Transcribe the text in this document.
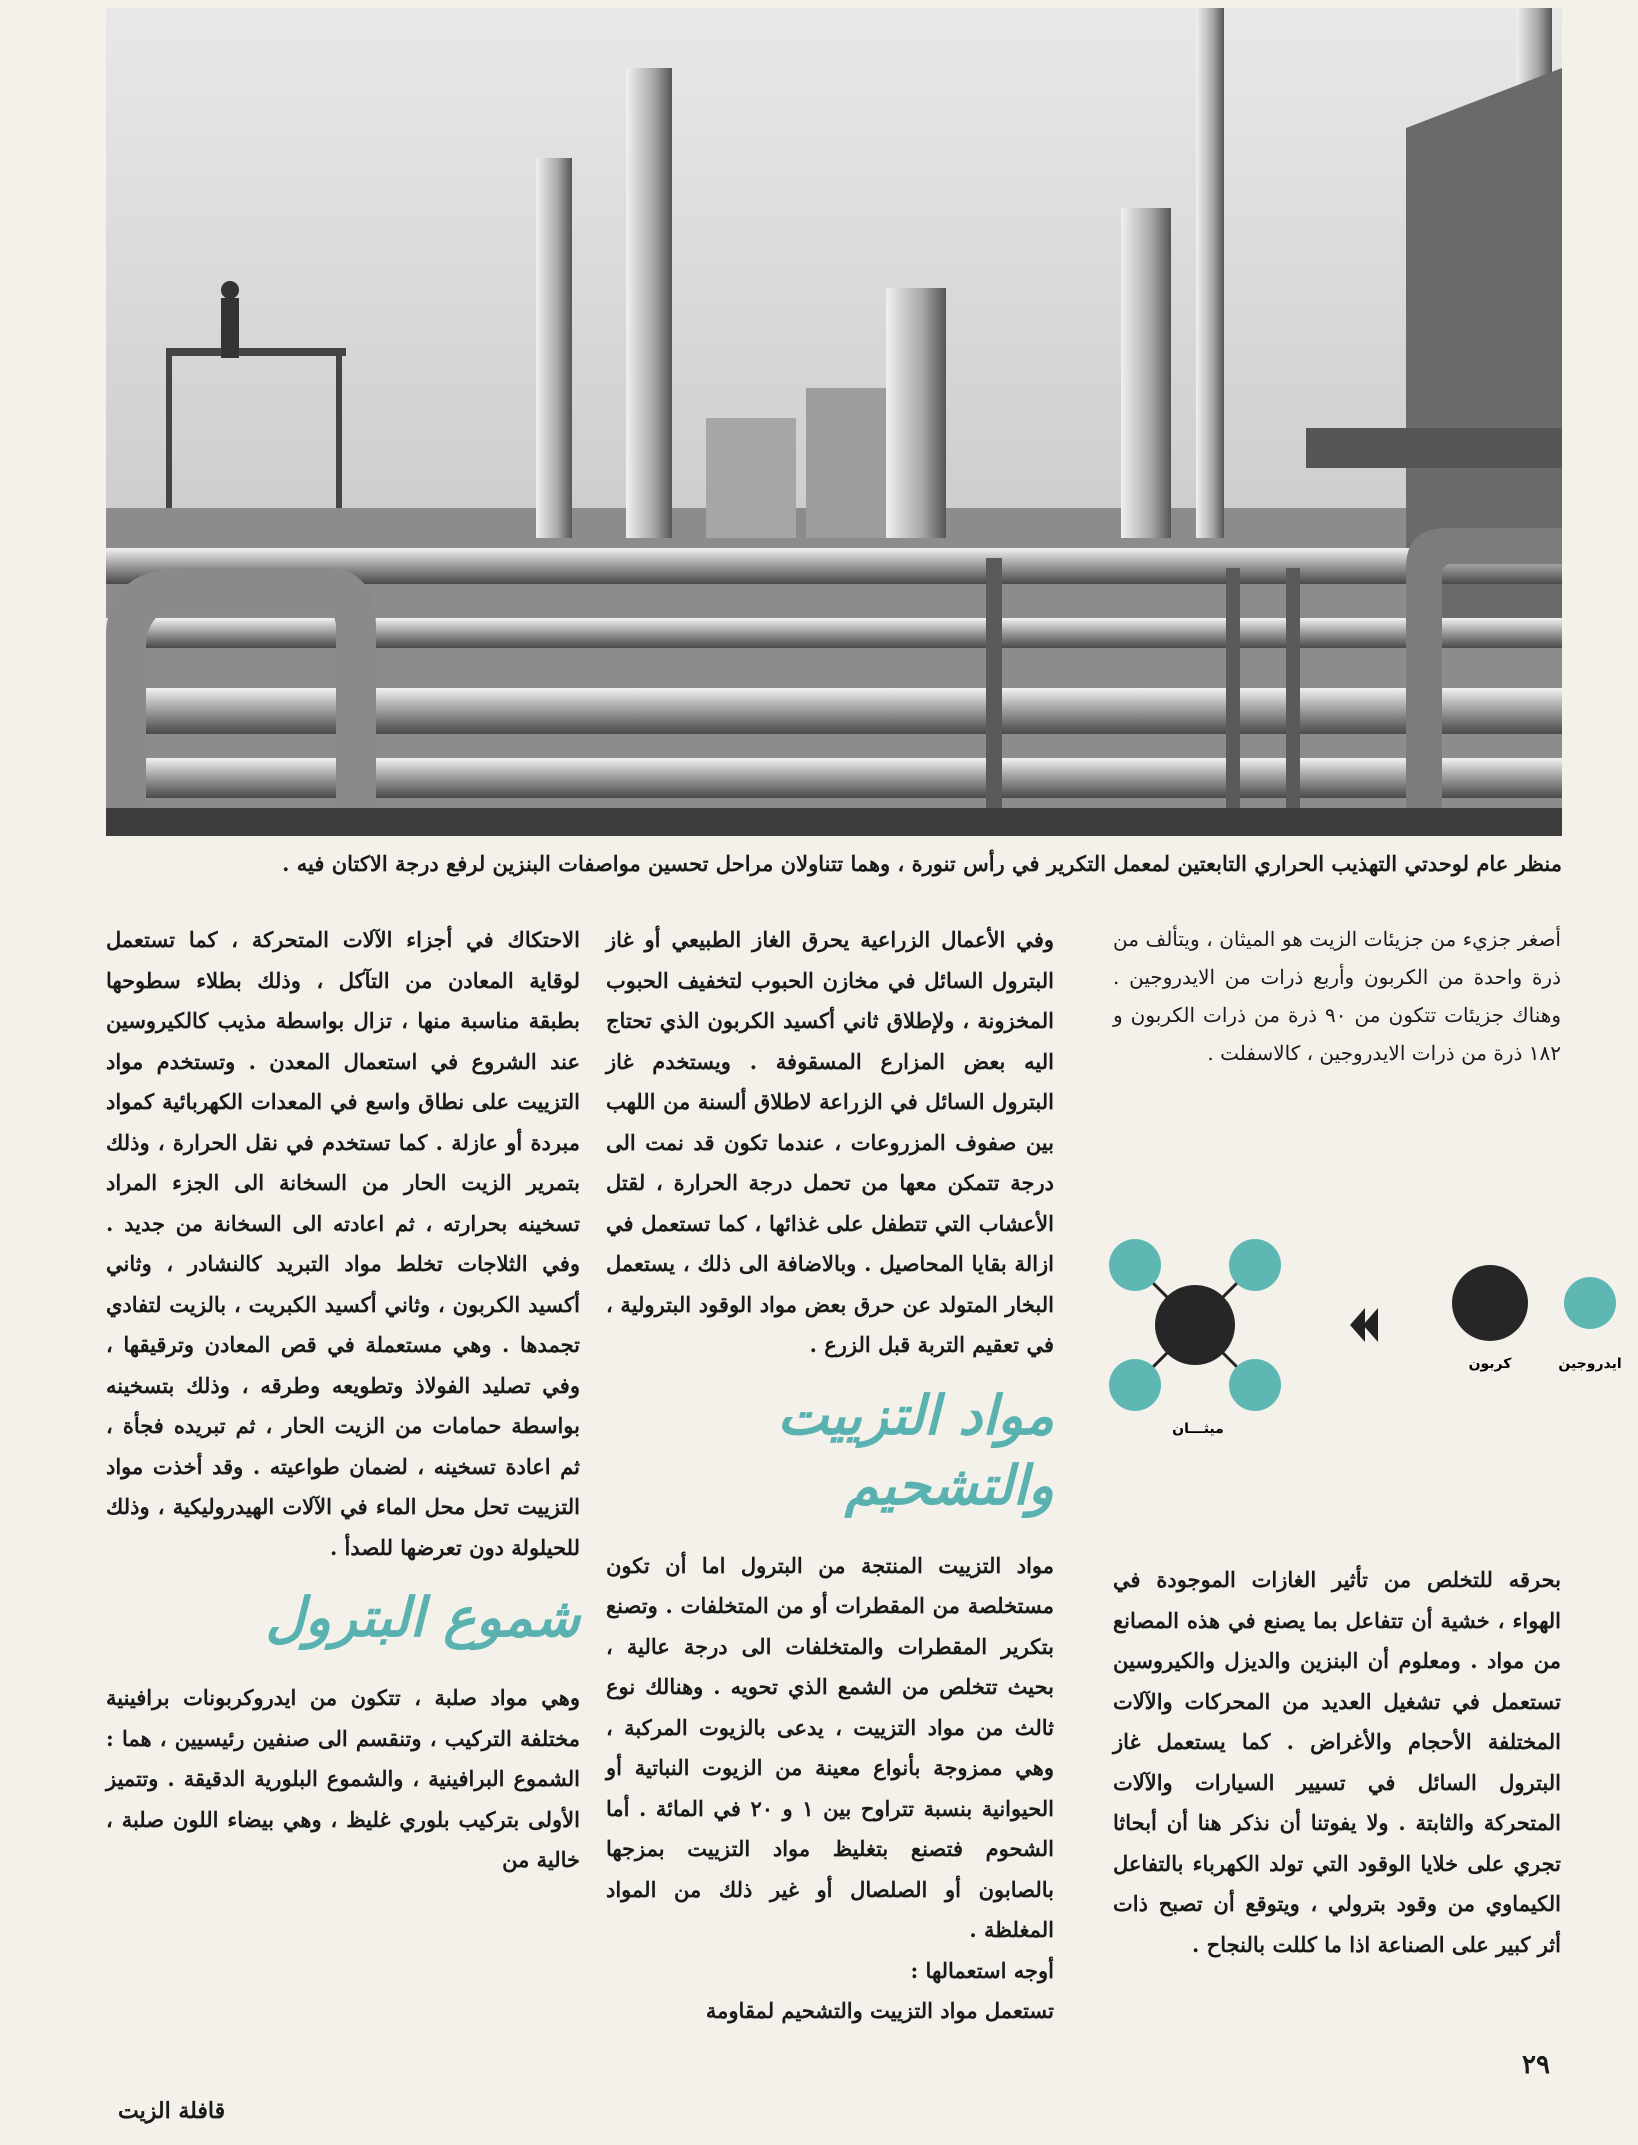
منظر عام لوحدتي التهذيب الحراري التابعتين لمعمل التكرير في رأس تنورة ، وهما تتناولان مراحل تحسين مواصفات البنزين لرفع درجة الاكتان فيه .

أصغر جزيء من جزيئات الزيت هو الميثان ، ويتألف من ذرة واحدة من الكربون وأربع ذرات من الايدروجين . وهناك جزيئات تتكون من ٩٠ ذرة من ذرات الكربون و ١٨٢ ذرة من ذرات الايدروجين ، كالاسفلت .

كربون	ايدروجين
ميثـــان

بحرقه للتخلص من تأثير الغازات الموجودة في الهواء ، خشية أن تتفاعل بما يصنع في هذه المصانع من مواد . ومعلوم أن البنزين والديزل والكيروسين تستعمل في تشغيل العديد من المحركات والآلات المختلفة الأحجام والأغراض . كما يستعمل غاز البترول السائل في تسيير السيارات والآلات المتحركة والثابتة . ولا يفوتنا أن نذكر هنا أن أبحاثا تجري على خلايا الوقود التي تولد الكهرباء بالتفاعل الكيماوي من وقود بترولي ، ويتوقع أن تصبح ذات أثر كبير على الصناعة اذا ما كللت بالنجاح .

وفي الأعمال الزراعية يحرق الغاز الطبيعي أو غاز البترول السائل في مخازن الحبوب لتخفيف الحبوب المخزونة ، ولإطلاق ثاني أكسيد الكربون الذي تحتاج اليه بعض المزارع المسقوفة . ويستخدم غاز البترول السائل في الزراعة لاطلاق ألسنة من اللهب بين صفوف المزروعات ، عندما تكون قد نمت الى درجة تتمكن معها من تحمل درجة الحرارة ، لقتل الأعشاب التي تتطفل على غذائها ، كما تستعمل في ازالة بقايا المحاصيل . وبالاضافة الى ذلك ، يستعمل البخار المتولد عن حرق بعض مواد الوقود البترولية ، في تعقيم التربة قبل الزرع .

مواد التزييت والتشحيم

مواد التزييت المنتجة من البترول اما أن تكون مستخلصة من المقطرات أو من المتخلفات . وتصنع بتكرير المقطرات والمتخلفات الى درجة عالية ، بحيث تتخلص من الشمع الذي تحويه . وهنالك نوع ثالث من مواد التزييت ، يدعى بالزيوت المركبة ، وهي ممزوجة بأنواع معينة من الزيوت النباتية أو الحيوانية بنسبة تتراوح بين ١ و ٢٠ في المائة . أما الشحوم فتصنع بتغليظ مواد التزييت بمزجها بالصابون أو الصلصال أو غير ذلك من المواد المغلظة .

أوجه استعمالها :

تستعمل مواد التزييت والتشحيم لمقاومة

الاحتكاك في أجزاء الآلات المتحركة ، كما تستعمل لوقاية المعادن من التآكل ، وذلك بطلاء سطوحها بطبقة مناسبة منها ، تزال بواسطة مذيب كالكيروسين عند الشروع في استعمال المعدن . وتستخدم مواد التزييت على نطاق واسع في المعدات الكهربائية كمواد مبردة أو عازلة . كما تستخدم في نقل الحرارة ، وذلك بتمرير الزيت الحار من السخانة الى الجزء المراد تسخينه بحرارته ، ثم اعادته الى السخانة من جديد . وفي الثلاجات تخلط مواد التبريد كالنشادر ، وثاني أكسيد الكربون ، وثاني أكسيد الكبريت ، بالزيت لتفادي تجمدها . وهي مستعملة في قص المعادن وترقيقها ، وفي تصليد الفولاذ وتطويعه وطرقه ، وذلك بتسخينه بواسطة حمامات من الزيت الحار ، ثم تبريده فجأة ، ثم اعادة تسخينه ، لضمان طواعيته . وقد أخذت مواد التزييت تحل محل الماء في الآلات الهيدروليكية ، وذلك للحيلولة دون تعرضها للصدأ .

شموع البترول

وهي مواد صلبة ، تتكون من ايدروكربونات برافينية مختلفة التركيب ، وتنقسم الى صنفين رئيسيين ، هما : الشموع البرافينية ، والشموع البلورية الدقيقة . وتتميز الأولى بتركيب بلوري غليظ ، وهي بيضاء اللون صلبة ، خالية من

٢٩
قافلة الزيت
